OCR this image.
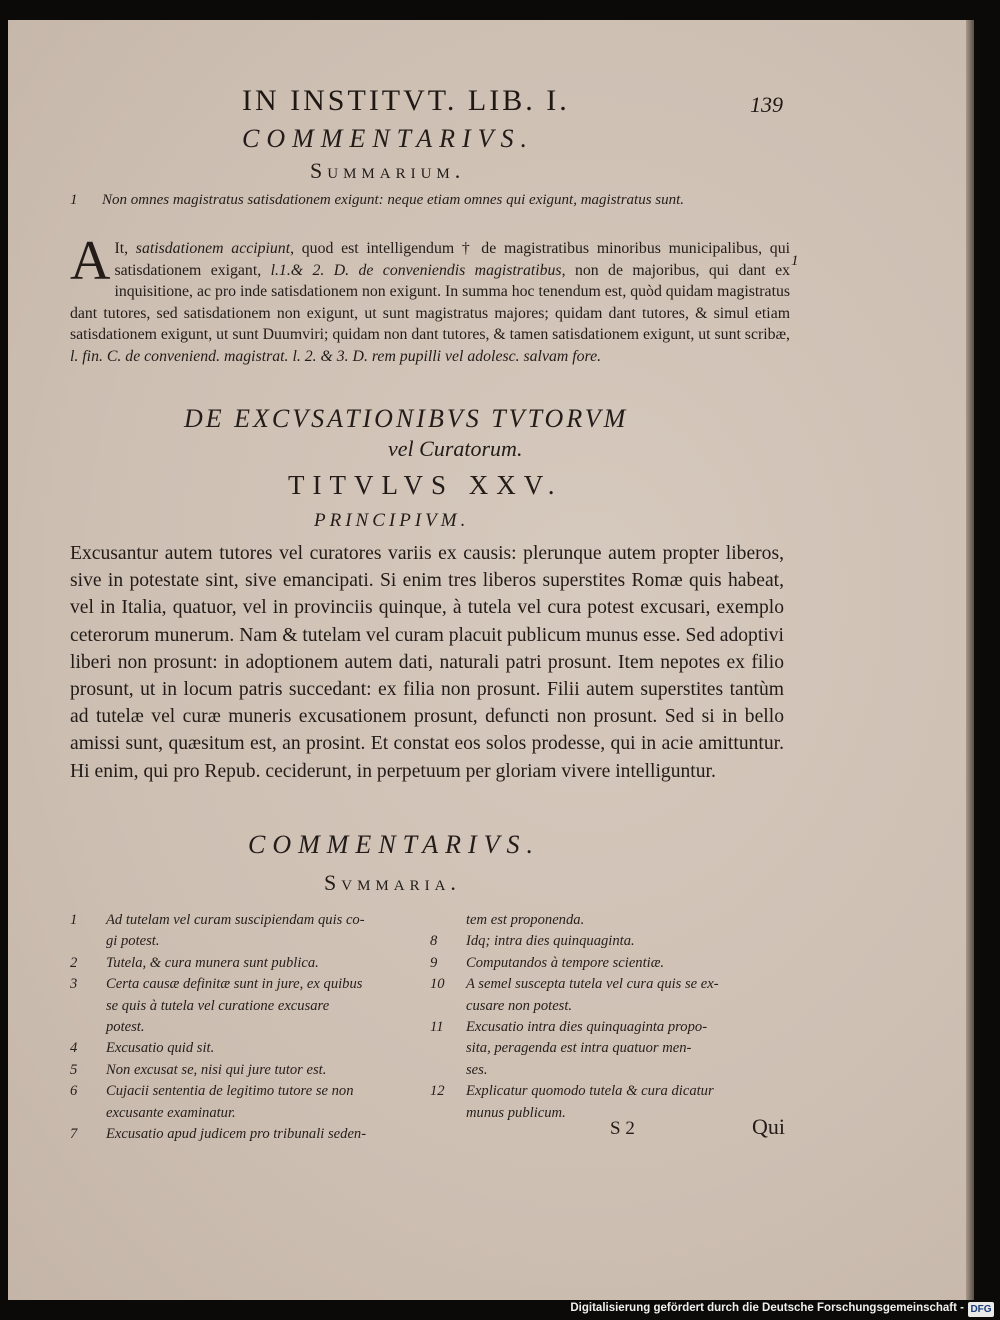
IN INSTITVT. LIB. I.	139
COMMENTARIVS.
Summarium.
1 Non omnes magistratus satisdationem exigunt: neque etiam omnes qui exigunt, magistratus sunt.
A It, satisdationem accipiunt, quod est intelligendum † de magistratibus minoribus municipalibus, qui satisdationem exigant, l.1.& 2. D. de conveniendis magistratibus, non de majoribus, qui dant ex inquisitione, ac pro inde satisdationem non exigunt. In summa hoc tenendum est, quòd quidam magistratus dant tutores, sed satisdationem non exigunt, ut sunt magistratus majores; quidam dant tutores, & simul etiam satisdationem exigunt, ut sunt Duumviri; quidam non dant tutores, & tamen satisdationem exigunt, ut sunt scribæ, l. fin. C. de conveniend. magistrat. l. 2. & 3. D. rem pupilli vel adolesc. salvam fore.
1
DE EXCVSATIONIBVS TVTORVM
vel Curatorum.
TITVLVS XXV.
PRINCIPIVM.
Excusantur autem tutores vel curatores variis ex causis: plerunque autem propter liberos, sive in potestate sint, sive emancipati. Si enim tres liberos superstites Romæ quis habeat, vel in Italia, quatuor, vel in provinciis quinque, à tutela vel cura potest excusari, exemplo ceterorum munerum. Nam & tutelam vel curam placuit publicum munus esse. Sed adoptivi liberi non prosunt: in adoptionem autem dati, naturali patri prosunt. Item nepotes ex filio prosunt, ut in locum patris succedant: ex filia non prosunt. Filii autem superstites tantùm ad tutelæ vel curæ muneris excusationem prosunt, defuncti non prosunt. Sed si in bello amissi sunt, quæsitum est, an prosint. Et constat eos solos prodesse, qui in acie amittuntur. Hi enim, qui pro Repub. ceciderunt, in perpetuum per gloriam vivere intelliguntur.
COMMENTARIVS.
Svmmaria.
1 Ad tutelam vel curam suscipiendam quis co-
gi potest.
2 Tutela, & cura munera sunt publica.
3 Certa causæ definitæ sunt in jure, ex quibus
se quis à tutela vel curatione excusare
potest.
4 Excusatio quid sit.
5 Non excusat se, nisi qui jure tutor est.
6 Cujacii sententia de legitimo tutore se non
excusante examinatur.
7 Excusatio apud judicem pro tribunali seden-
tem est proponenda.
8 Idq; intra dies quinquaginta.
9 Computandos à tempore scientiæ.
10 A semel suscepta tutela vel cura quis se ex-
cusare non potest.
11 Excusatio intra dies quinquaginta propo-
sita, peragenda est intra quatuor men-
ses.
12 Explicatur quomodo tutela & cura dicatur
munus publicum.
S 2	Qui
Digitalisierung gefördert durch die Deutsche Forschungsgemeinschaft - DFG
